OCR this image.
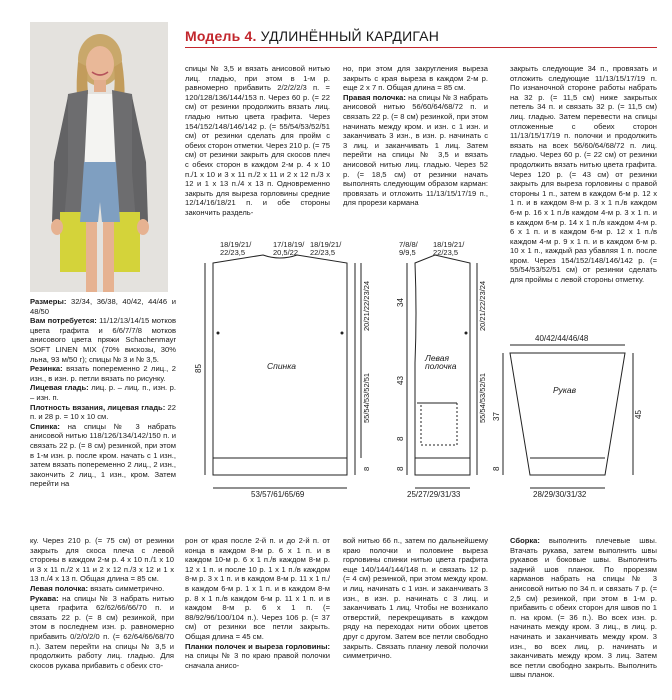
Модель 4. УДЛИНЁННЫЙ КАРДИГАН
Размеры: 32/34, 36/38, 40/42, 44/46 и 48/50
Вам потребуется: 11/12/13/14/15 мотков цвета графита и 6/6/7/7/8 мотков анисового цвета пряжи Schachenmayr SOFT LINEN MIX (70% вискозы, 30% льна, 93 м/50 г); спицы № 3 и № 3,5.
Резинка: вязать попеременно 2 лиц., 2 изн., в изн. р. петли вязать по рисунку.
Лицевая гладь: лиц. р. – лиц. п., изн. р. – изн. п.
Плотность вязания, лицевая гладь: 22 п. и 28 р. = 10 х 10 см.
Спинка: на спицы № 3 набрать анисовой нитью 118/126/134/142/150 п. и связать 22 р. (= 8 см) резинкой, при этом в 1-м изн. р. после кром. начать с 1 изн., затем вязать попеременно 2 лиц., 2 изн., закончить 2 лиц., 1 изн., кром. Затем перейти на
спицы № 3,5 и вязать анисовой нитью лиц. гладью, при этом в 1-м р. равномерно прибавить 2/2/2/2/3 п. = 120/128/136/144/153 п. Через 60 р. (= 22 см) от резинки продолжить вязать лиц. гладью нитью цвета графита. Через 154/152/148/146/142 р. (= 55/54/53/52/51 см) от резинки сделать для пройм с обеих сторон отметки. Через 210 р. (= 75 см) от резинки закрыть для скосов плеч с обеих сторон в каждом 2-м р. 4 х 10 п./1 х 10 и 3 х 11 п./2 х 11 и 2 х 12 п./3 х 12 и 1 х 13 п./4 х 13 п. Одновременно закрыть для выреза горловины средние 12/14/16/18/21 п. и обе стороны закончить раздель-
но, при этом для закругления выреза закрыть с края выреза в каждом 2-м р. еще 2 х 7 п. Общая длина = 85 см.
Правая полочка: на спицы № 3 набрать анисовой нитью 56/60/64/68/72 п. и связать 22 р. (= 8 см) резинкой, при этом начинать между кром. и изн. с 1 изн. и заканчивать 3 изн., в изн. р. начинать с 3 лиц. и заканчивать 1 лиц. Затем перейти на спицы № 3,5 и вязать анисовой нитью лиц. гладью. Через 52 р. (= 18,5 см) от резинки начать выполнять следующим образом карман: провязать и отложить 11/13/15/17/19 п., для прорези кармана
закрыть следующие 34 п., провязать и отложить следующие 11/13/15/17/19 п. По изнаночной стороне работы набрать на 32 р. (= 11,5 см) ниже закрытых петель 34 п. и связать 32 р. (= 11,5 см) лиц. гладью. Затем перевести на спицы отложенные с обеих сторон 11/13/15/17/19 п. полочки и продолжить вязать на всех 56/60/64/68/72 п. лиц. гладью. Через 60 р. (= 22 см) от резинки продолжить вязать нитью цвета графита. Через 120 р. (= 43 см) от резинки закрыть для выреза горловины с правой стороны 1 п., затем в каждом 6-м р. 12 х 1 п. и в каждом 8-м р. 3 х 1 п./в каждом 6-м р. 16 х 1 п./в каждом 4-м р. 3 х 1 п. и в каждом 6-м р. 14 х 1 п./в каждом 4-м р. 6 х 1 п. и в каждом 6-м р. 12 х 1 п./в каждом 4-м р. 9 х 1 п. и в каждом 6-м р. 10 х 1 п., каждый раз убавляя 1 п. после кром. Через 154/152/148/146/142 р. (= 55/54/53/52/51 см) от резинки сделать для проймы с левой стороны отметку.
18/19/21/ 22/23,5
17/18/19/ 20,5/22
18/19/21/ 22/23,5
85
20/21/22/23/24
55/54/53/52/51
8
53/57/61/65/69
Спинка
7/8/8/ 9/9,5
18/19/21/ 22/23,5
20/21/22/23/24
55/54/53/52/51
34
43
8
8
25/27/29/31/33
Левая полочка
40/42/44/46/48
37	45
8
28/29/30/31/32
Рукав
ку. Через 210 р. (= 75 см) от резинки закрыть для скоса плеча с левой стороны в каждом 2-м р. 4 х 10 п./1 х 10 и 3 х 11 п./2 х 11 и 2 х 12 п./3 х 12 и 1 х 13 п./4 х 13 п. Общая длина = 85 см.
Левая полочка: вязать симметрично.
Рукава: на спицы № 3 набрать нитью цвета графита 62/62/66/66/70 п. и связать 22 р. (= 8 см) резинкой, при этом в последнем изн. р. равномерно прибавить 0/2/0/2/0 п. (= 62/64/66/68/70 п.). Затем перейти на спицы № 3,5 и продолжить работу лиц. гладью. Для скосов рукава прибавить с обеих сто-
рон от края после 2-й п. и до 2-й п. от конца в каждом 8-м р. 6 х 1 п. и в каждом 10-м р. 6 х 1 п./в каждом 8-м р. 12 х 1 п. и после 10 р. 1 х 1 п./в каждом 8-м р. 3 х 1 п. и в каждом 8-м р. 11 х 1 п./в каждом 6-м р. 1 х 1 п. и в каждом 8-м р. 8 х 1 п./в каждом 6-м р. 11 х 1 п. и в каждом 8-м р. 6 х 1 п. (= 88/92/96/100/104 п.). Через 106 р. (= 37 см) от резинки все петли закрыть. Общая длина = 45 см.
Планки полочек и выреза горловины: на спицы № 3 по краю правой полочки сначала аниcо-
вой нитью 66 п., затем по дальнейшему краю полочки и половине выреза горловины спинки нитью цвета графита еще 140/144/144/148 п. и связать 12 р. (= 4 см) резинкой, при этом между кром. и лиц. начинать с 1 изн. и заканчивать 3 изн., в изн. р. начинать с 3 лиц. и заканчивать 1 лиц. Чтобы не возникало отверстий, перекрещивать в каждом ряду на переходах нити обоих цветов друг с другом. Затем все петли свободно закрыть. Связать планку левой полочки симметрично.
Сборка: выполнить плечевые швы. Втачать рукава, затем выполнить швы рукавов и боковые швы. Выполнить задний шов планок. По прорезям карманов набрать на спицы № 3 анисовой нитью по 34 п. и связать 7 р. (= 2,5 см) резинкой, при этом в 1-м р. прибавить с обеих сторон для швов по 1 п. на кром. (= 36 п.). Во всех изн. р. начинать между кром. 3 лиц., в лиц. р. начинать и заканчивать между кром. 3 изн., во всех лиц. р. начинать и заканчивать между кром. 3 лиц. Затем все петли свободно закрыть. Выполнить швы планок.
